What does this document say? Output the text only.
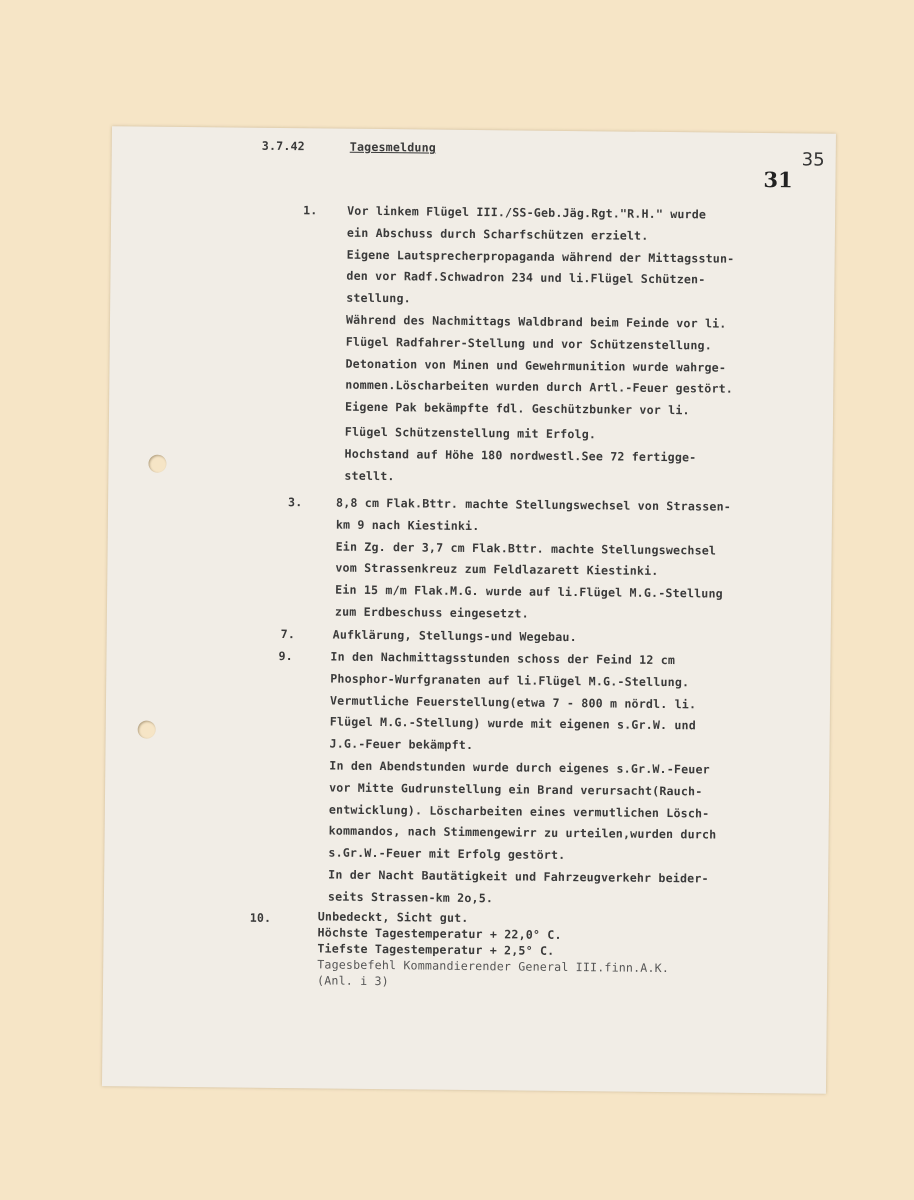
3.7.42	Tagesmeldung
31
35
1.	Vor linkem Flügel III./SS-Geb.Jäg.Rgt."R.H." wurde
ein Abschuss durch Scharfschützen erzielt.
Eigene Lautsprecherpropaganda während der Mittagsstun-
den vor Radf.Schwadron 234 und li.Flügel Schützen-
stellung.
Während des Nachmittags Waldbrand beim Feinde vor li.
Flügel Radfahrer-Stellung und vor Schützenstellung.
Detonation von Minen und Gewehrmunition wurde wahrge-
nommen.Löscharbeiten wurden durch Artl.-Feuer gestört.
Eigene Pak bekämpfte fdl. Geschützbunker vor li.
Flügel Schützenstellung mit Erfolg.
Hochstand auf Höhe 180 nordwestl.See 72 fertigge-
stellt.
3.	8,8 cm Flak.Bttr. machte Stellungswechsel von Strassen-
km 9 nach Kiestinki.
Ein Zg. der 3,7 cm Flak.Bttr. machte Stellungswechsel
vom Strassenkreuz zum Feldlazarett Kiestinki.
Ein 15 m/m Flak.M.G. wurde auf li.Flügel M.G.-Stellung
zum Erdbeschuss eingesetzt.
7.	Aufklärung, Stellungs-und Wegebau.
9.	In den Nachmittagsstunden schoss der Feind 12 cm
Phosphor-Wurfgranaten auf li.Flügel M.G.-Stellung.
Vermutliche Feuerstellung(etwa 7 - 800 m nördl. li.
Flügel M.G.-Stellung) wurde mit eigenen s.Gr.W. und
J.G.-Feuer bekämpft.
In den Abendstunden wurde durch eigenes s.Gr.W.-Feuer
vor Mitte Gudrunstellung ein Brand verursacht(Rauch-
entwicklung). Löscharbeiten eines vermutlichen Lösch-
kommandos, nach Stimmengewirr zu urteilen,wurden durch
s.Gr.W.-Feuer mit Erfolg gestört.
In der Nacht Bautätigkeit und Fahrzeugverkehr beider-
seits Strassen-km 2o,5.
10.	Unbedeckt, Sicht gut.
Höchste Tagestemperatur + 22,0° C.
Tiefste Tagestemperatur + 2,5° C.
Tagesbefehl Kommandierender General III.finn.A.K.
(Anl. i 3)
